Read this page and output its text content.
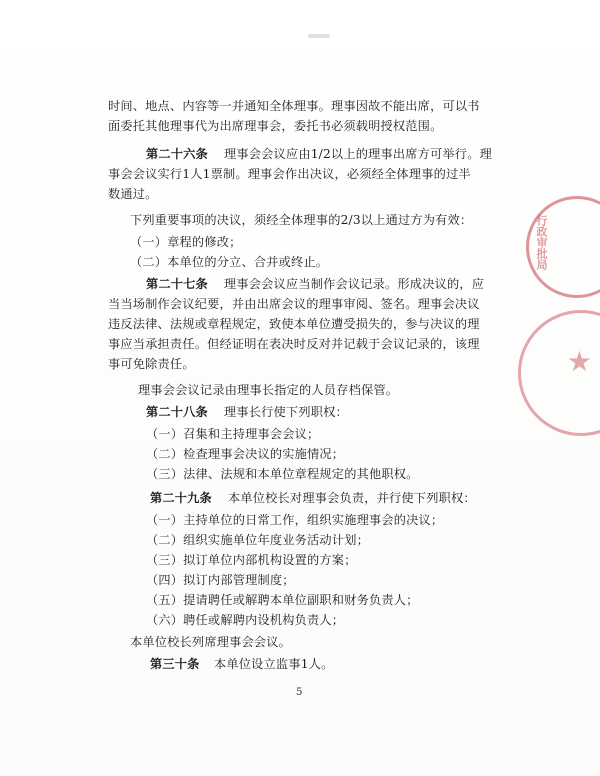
时间、地点、内容等一并通知全体理事。理事因故不能出席，可以书
面委托其他理事代为出席理事会，委托书必须载明授权范围。
第二十六条 理事会会议应由1/2以上的理事出席方可举行。理
事会会议实行1人1票制。理事会作出决议，必须经全体理事的过半
数通过。
下列重要事项的决议，须经全体理事的2/3以上通过方为有效：
（一）章程的修改；
（二）本单位的分立、合并或终止。
第二十七条 理事会会议应当制作会议记录。形成决议的，应
当当场制作会议纪要，并由出席会议的理事审阅、签名。理事会决议
违反法律、法规或章程规定，致使本单位遭受损失的，参与决议的理
事应当承担责任。但经证明在表决时反对并记载于会议记录的，该理
事可免除责任。
理事会会议记录由理事长指定的人员存档保管。
第二十八条 理事长行使下列职权：
（一）召集和主持理事会会议；
（二）检查理事会决议的实施情况；
（三）法律、法规和本单位章程规定的其他职权。
第二十九条 本单位校长对理事会负责，并行使下列职权：
（一）主持单位的日常工作，组织实施理事会的决议；
（二）组织实施单位年度业务活动计划；
（三）拟订单位内部机构设置的方案；
（四）拟订内部管理制度；
（五）提请聘任或解聘本单位副职和财务负责人；
（六）聘任或解聘内设机构负责人；
本单位校长列席理事会会议。
第三十条 本单位设立监事1人。
5
行政审批局
★
